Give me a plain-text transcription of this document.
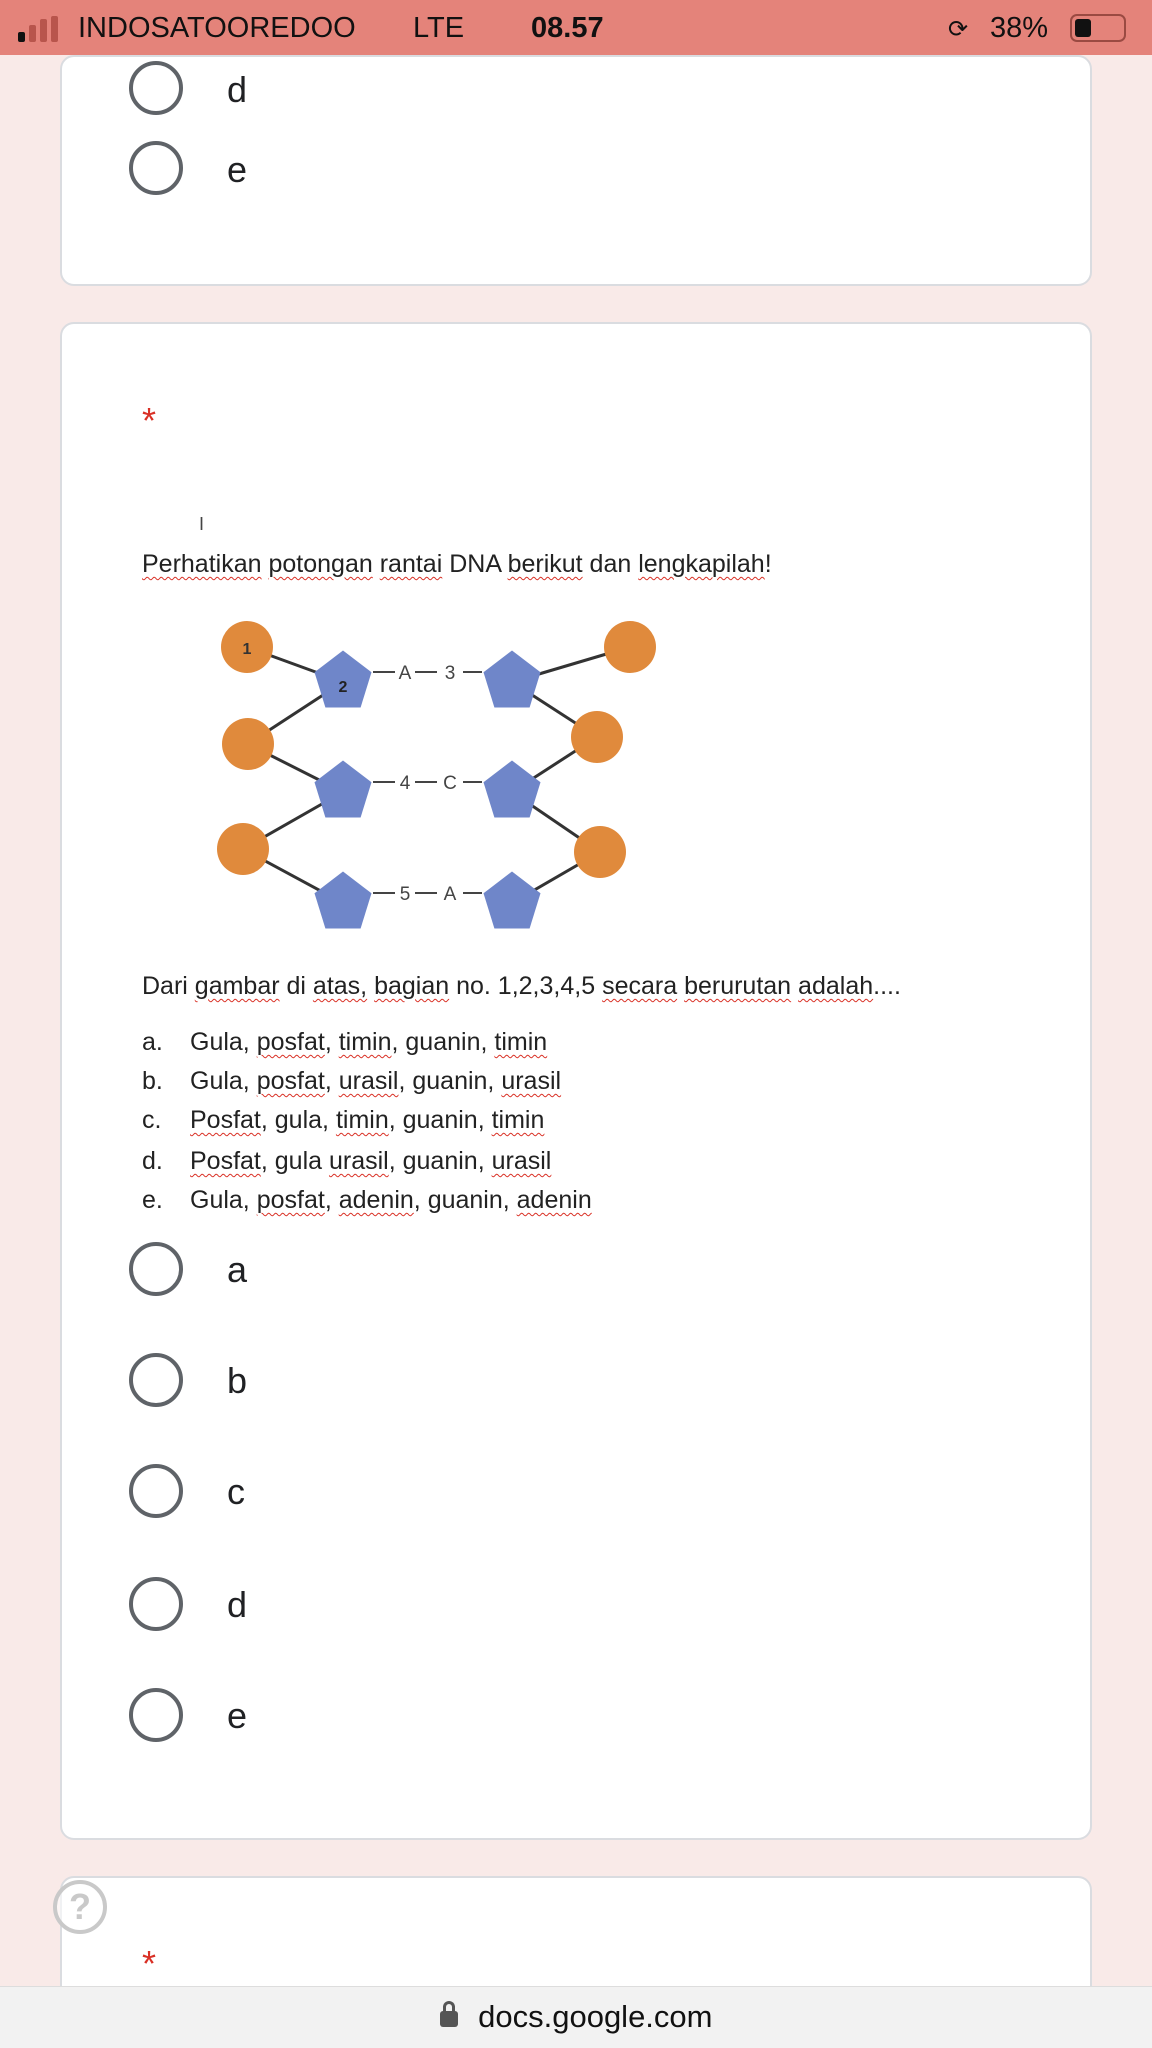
INDOSATOOREDOO LTE 08.57	⟳ 38%
d
e
*
I
Perhatikan potongan rantai DNA berikut dan lengkapilah!
Dari gambar di atas, bagian no. 1,2,3,4,5 secara berurutan adalah....
a. Gula, posfat, timin, guanin, timin
b. Gula, posfat, urasil, guanin, urasil
c. Posfat, gula, timin, guanin, timin
d. Posfat, gula urasil, guanin, urasil
e. Gula, posfat, adenin, guanin, adenin
a
b
c
d
e
1
2
A 3
4 C
5 A
*
?
docs.google.com
